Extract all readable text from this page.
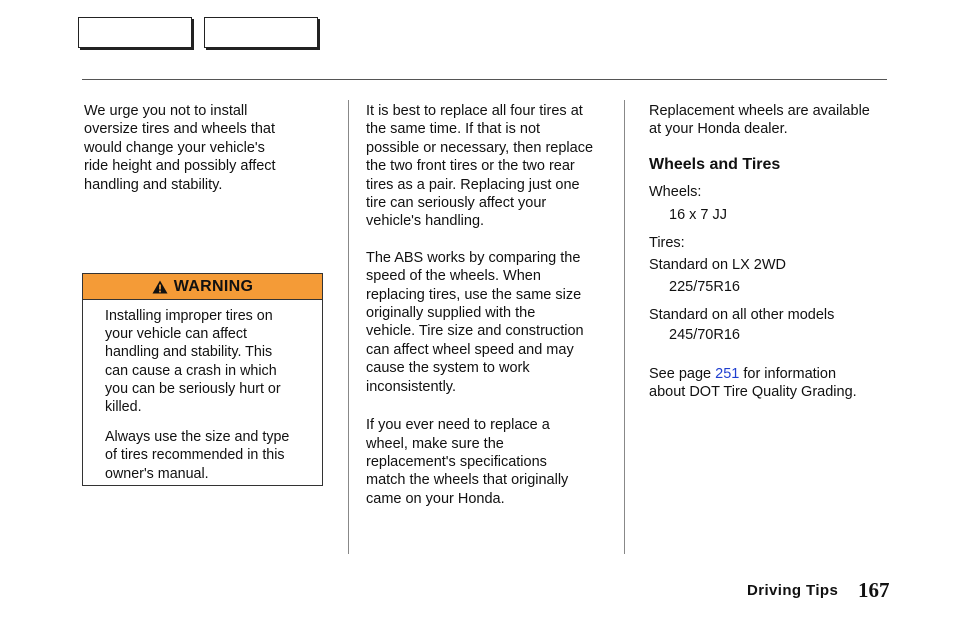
We urge you not to install
oversize tires and wheels that
would change your vehicle's
ride height and possibly affect
handling and stability.

WARNING

Installing improper tires on
your vehicle can affect
handling and stability. This
can cause a crash in which
you can be seriously hurt or
killed.

Always use the size and type
of tires recommended in this
owner's manual.

It is best to replace all four tires at
the same time. If that is not
possible or necessary, then replace
the two front tires or the two rear
tires as a pair. Replacing just one
tire can seriously affect your
vehicle's handling.

The ABS works by comparing the
speed of the wheels. When
replacing tires, use the same size
originally supplied with the
vehicle. Tire size and construction
can affect wheel speed and may
cause the system to work
inconsistently.

If you ever need to replace a
wheel, make sure the
replacement's specifications
match the wheels that originally
came on your Honda.

Replacement wheels are available
at your Honda dealer.

Wheels and Tires

Wheels:

16 x 7 JJ

Tires:

Standard on LX 2WD

225/75R16

Standard on all other models

245/70R16

See page 251 for information

about DOT Tire Quality Grading.

Driving Tips 167
